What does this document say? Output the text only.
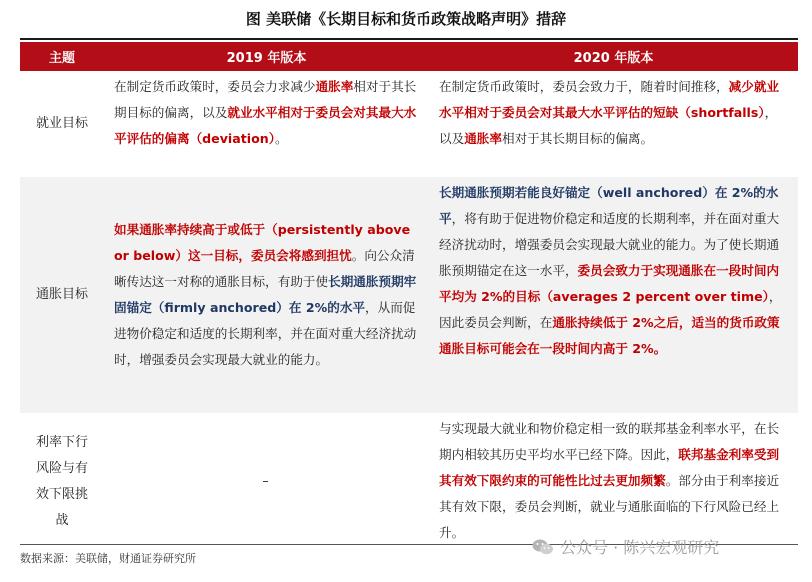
图 美联储《长期目标和货币政策战略声明》措辞
主题	2019 年版本	2020 年版本
就业目标	在制定货币政策时，委员会力求减少通胀率相对于其长期目标的偏离，以及就业水平相对于委员会对其最大水平评估的偏离（deviation）。	在制定货币政策时，委员会致力于，随着时间推移，减少就业水平相对于委员会对其最大水平评估的短缺（shortfalls），以及通胀率相对于其长期目标的偏离。

通胀目标	如果通胀率持续高于或低于（persistently above or below）这一目标，委员会将感到担忧。向公众清晰传达这一对称的通胀目标，有助于使长期通胀预期牢固锚定（firmly anchored）在 2%的水平，从而促进物价稳定和适度的长期利率，并在面对重大经济扰动时，增强委员会实现最大就业的能力。	长期通胀预期若能良好锚定（well anchored）在 2%的水平，将有助于促进物价稳定和适度的长期利率，并在面对重大经济扰动时，增强委员会实现最大就业的能力。为了使长期通胀预期锚定在这一水平，委员会致力于实现通胀在一段时间内平均为 2%的目标（averages 2 percent over time），因此委员会判断，在通胀持续低于 2%之后，适当的货币政策通胀目标可能会在一段时间内高于 2%。

利率下行风险与有效下限挑战	–	与实现最大就业和物价稳定相一致的联邦基金利率水平，在长期内相较其历史平均水平已经下降。因此，联邦基金利率受到其有效下限约束的可能性比过去更加频繁。部分由于利率接近其有效下限，委员会判断，就业与通胀面临的下行风险已经上升。
数据来源：美联储，财通证券研究所
公众号 · 陈兴宏观研究
